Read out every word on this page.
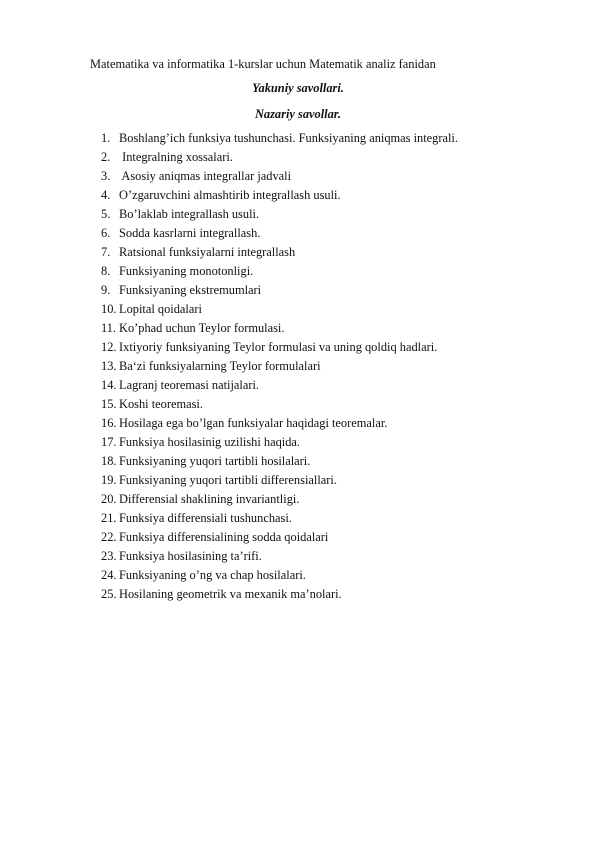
Matematika va informatika 1-kurslar uchun Matematik analiz fanidan
Yakuniy savollari.
Nazariy savollar.
1. Boshlang’ich funksiya tushunchasi. Funksiyaning aniqmas integrali.
2. Integralning xossalari.
3. Asosiy aniqmas integrallar jadvali
4. O’zgaruvchini almashtirib integrallash usuli.
5. Bo’laklab integrallash usuli.
6. Sodda kasrlarni integrallash.
7. Ratsional funksiyalarni integrallash
8. Funksiyaning monotonligi.
9. Funksiyaning ekstremumlari
10. Lopital qoidalari
11. Ko’phad uchun Teylor formulasi.
12. Ixtiyoriy funksiyaning Teylor formulasi va uning qoldiq hadlari.
13. Ba‘zi funksiyalarning Teylor formulalari
14. Lagranj teoremasi natijalari.
15. Koshi teoremasi.
16. Hosilaga ega bo’lgan funksiyalar haqidagi teoremalar.
17. Funksiya hosilasinig uzilishi haqida.
18. Funksiyaning yuqori tartibli hosilalari.
19. Funksiyaning yuqori tartibli differensiallari.
20. Differensial shaklining invariantligi.
21. Funksiya differensiali tushunchasi.
22. Funksiya differensialining sodda qoidalari
23. Funksiya hosilasining ta’rifi.
24. Funksiyaning o’ng va chap hosilalari.
25. Hosilaning geometrik va mexanik ma’nolari.
